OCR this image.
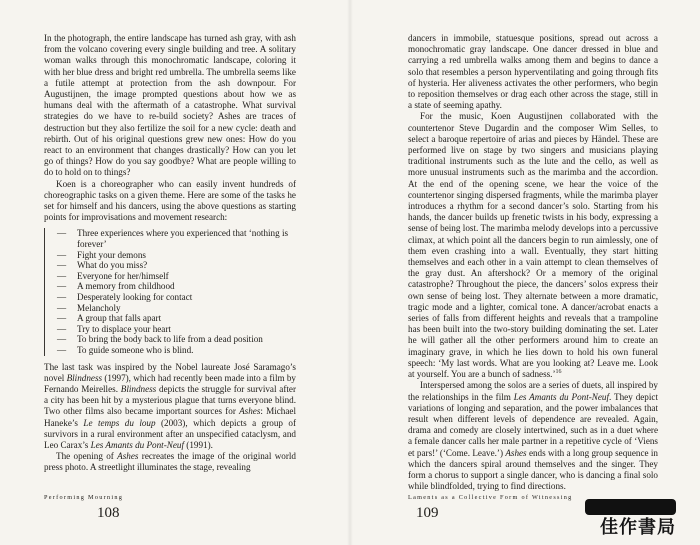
In the photograph, the entire landscape has turned ash gray, with ash from the volcano covering every single building and tree. A solitary woman walks through this monochromatic landscape, coloring it with her blue dress and bright red umbrella. The umbrella seems like a futile attempt at protection from the ash downpour. For Augustijnen, the image prompted questions about how we as humans deal with the aftermath of a catastrophe. What survival strategies do we have to re-build society? Ashes are traces of destruction but they also fertilize the soil for a new cycle: death and rebirth. Out of his original questions grew new ones: How do you react to an environment that changes drastically? How can you let go of things? How do you say goodbye? What are people willing to do to hold on to things?

Koen is a choreographer who can easily invent hundreds of choreographic tasks on a given theme. Here are some of the tasks he set for himself and his dancers, using the above questions as starting points for improvisations and movement research:

— Three experiences where you experienced that ‘nothing is forever’
— Fight your demons
— What do you miss?
— Everyone for her/himself
— A memory from childhood
— Desperately looking for contact
— Melancholy
— A group that falls apart
— Try to displace your heart
— To bring the body back to life from a dead position
— To guide someone who is blind.

The last task was inspired by the Nobel laureate José Saramago’s novel Blindness (1997), which had recently been made into a film by Fernando Meirelles. Blindness depicts the struggle for survival after a city has been hit by a mysterious plague that turns everyone blind. Two other films also became important sources for Ashes: Michael Haneke’s Le temps du loup (2003), which depicts a group of survivors in a rural environment after an unspecified cataclysm, and Leo Carax’s Les Amants du Pont-Neuf (1991).

The opening of Ashes recreates the image of the original world press photo. A streetlight illuminates the stage, revealing

Performing Mourning
108

dancers in immobile, statuesque positions, spread out across a monochromatic gray landscape. One dancer dressed in blue and carrying a red umbrella walks among them and begins to dance a solo that resembles a person hyperventilating and going through fits of hysteria. Her aliveness activates the other performers, who begin to reposition themselves or drag each other across the stage, still in a state of seeming apathy.

For the music, Koen Augustijnen collaborated with the countertenor Steve Dugardin and the composer Wim Selles, to select a baroque repertoire of arias and pieces by Händel. These are performed live on stage by two singers and musicians playing traditional instruments such as the lute and the cello, as well as more unusual instruments such as the marimba and the accordion. At the end of the opening scene, we hear the voice of the countertenor singing dispersed fragments, while the marimba player introduces a rhythm for a second dancer’s solo. Starting from his hands, the dancer builds up frenetic twists in his body, expressing a sense of being lost. The marimba melody develops into a percussive climax, at which point all the dancers begin to run aimlessly, one of them even crashing into a wall. Eventually, they start hitting themselves and each other in a vain attempt to clean themselves of the gray dust. An aftershock? Or a memory of the original catastrophe? Throughout the piece, the dancers’ solos express their own sense of being lost. They alternate between a more dramatic, tragic mode and a lighter, comical tone. A dancer/acrobat enacts a series of falls from different heights and reveals that a trampoline has been built into the two-story building dominating the set. Later he will gather all the other performers around him to create an imaginary grave, in which he lies down to hold his own funeral speech: ‘My last words. What are you looking at? Leave me. Look at yourself. You are a bunch of sadness.’$^{16}$

Interspersed among the solos are a series of duets, all inspired by the relationships in the film Les Amants du Pont-Neuf. They depict variations of longing and separation, and the power imbalances that result when different levels of dependence are revealed. Again, drama and comedy are closely intertwined, such as in a duet where a female dancer calls her male partner in a repetitive cycle of ‘Viens et pars!’ (‘Come. Leave.’) Ashes ends with a long group sequence in which the dancers spiral around themselves and the singer. They form a chorus to support a single dancer, who is dancing a final solo while blindfolded, trying to find directions.

Laments as a Collective Form of Witnessing
109
佳作書局
